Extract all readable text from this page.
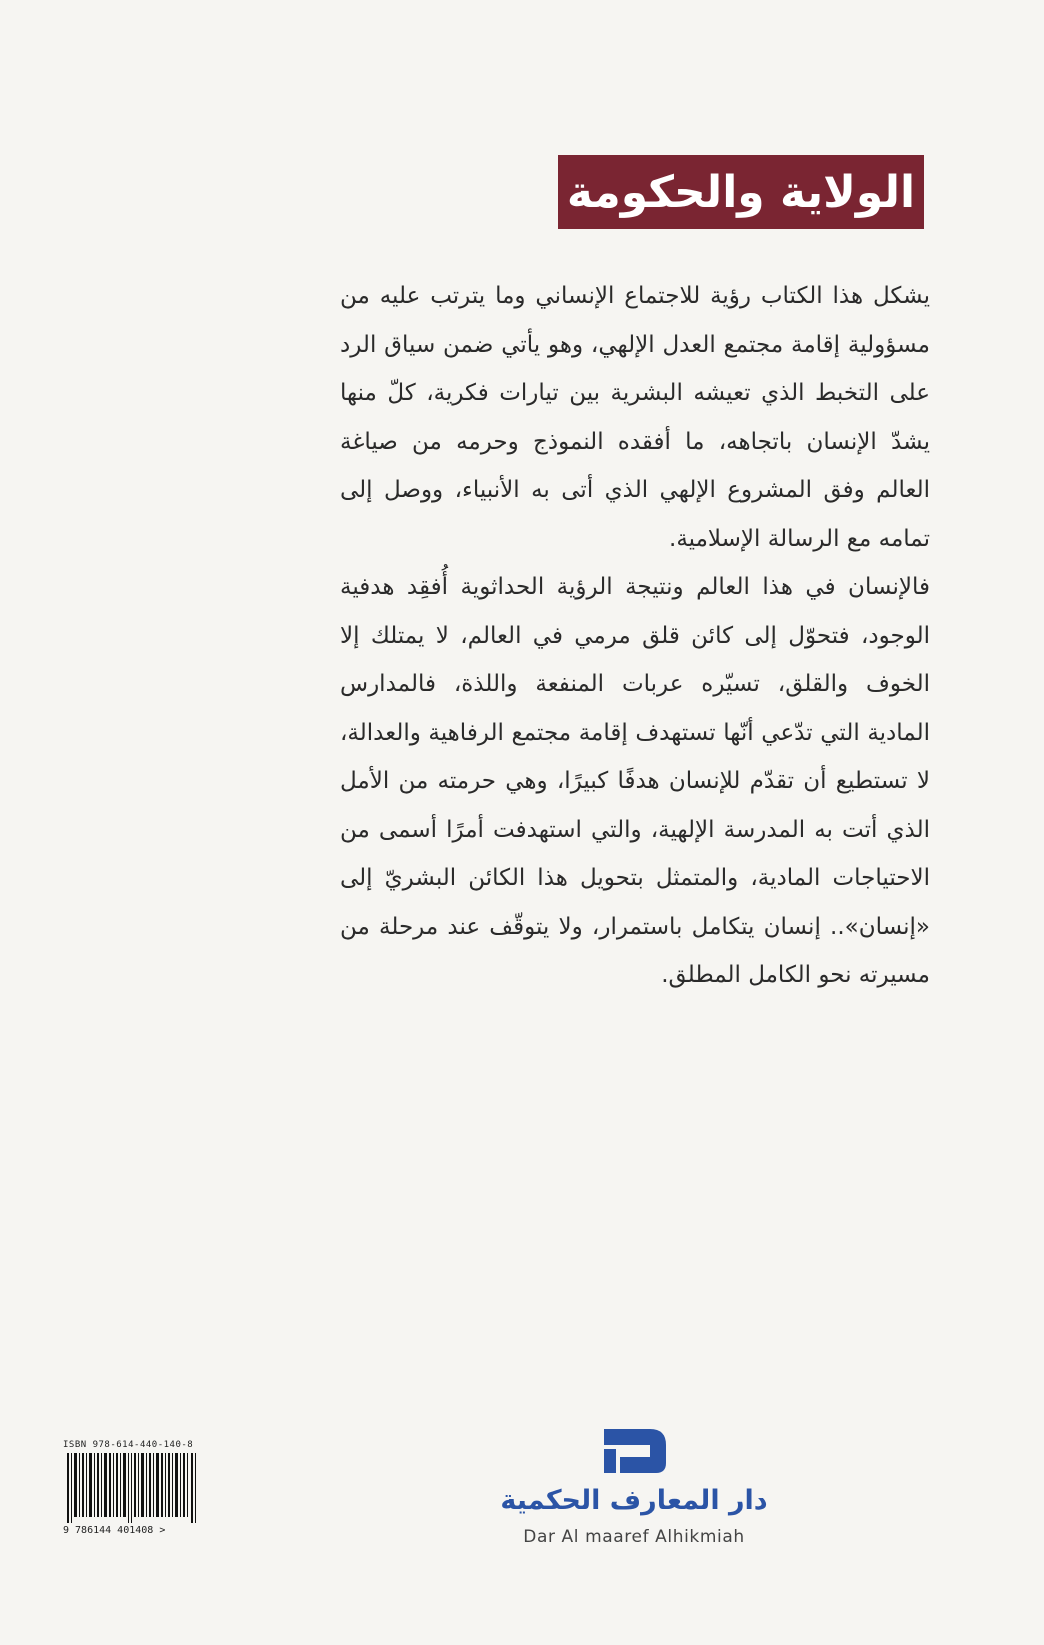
الولاية والحكومة

يشكل هذا الكتاب رؤية للاجتماع الإنساني وما يترتب عليه من مسؤولية إقامة مجتمع العدل الإلهي، وهو يأتي ضمن سياق الرد على التخبط الذي تعيشه البشرية بين تيارات فكرية، كلّ منها يشدّ الإنسان باتجاهه، ما أفقده النموذج وحرمه من صياغة العالم وفق المشروع الإلهي الذي أتى به الأنبياء، ووصل إلى تمامه مع الرسالة الإسلامية.

فالإنسان في هذا العالم ونتيجة الرؤية الحداثوية أُفقِد هدفية الوجود، فتحوّل إلى كائن قلق مرمي في العالم، لا يمتلك إلا الخوف والقلق، تسيّره عربات المنفعة واللذة، فالمدارس المادية التي تدّعي أنّها تستهدف إقامة مجتمع الرفاهية والعدالة، لا تستطيع أن تقدّم للإنسان هدفًا كبيرًا، وهي حرمته من الأمل الذي أتت به المدرسة الإلهية، والتي استهدفت أمرًا أسمى من الاحتياجات المادية، والمتمثل بتحويل هذا الكائن البشريّ إلى «إنسان».. إنسان يتكامل باستمرار، ولا يتوقّف عند مرحلة من مسيرته نحو الكامل المطلق.

ISBN 978-614-440-140-8
9 786144 401408 >
دار المعارف الحكمية
Dar Al maaref Alhikmiah
